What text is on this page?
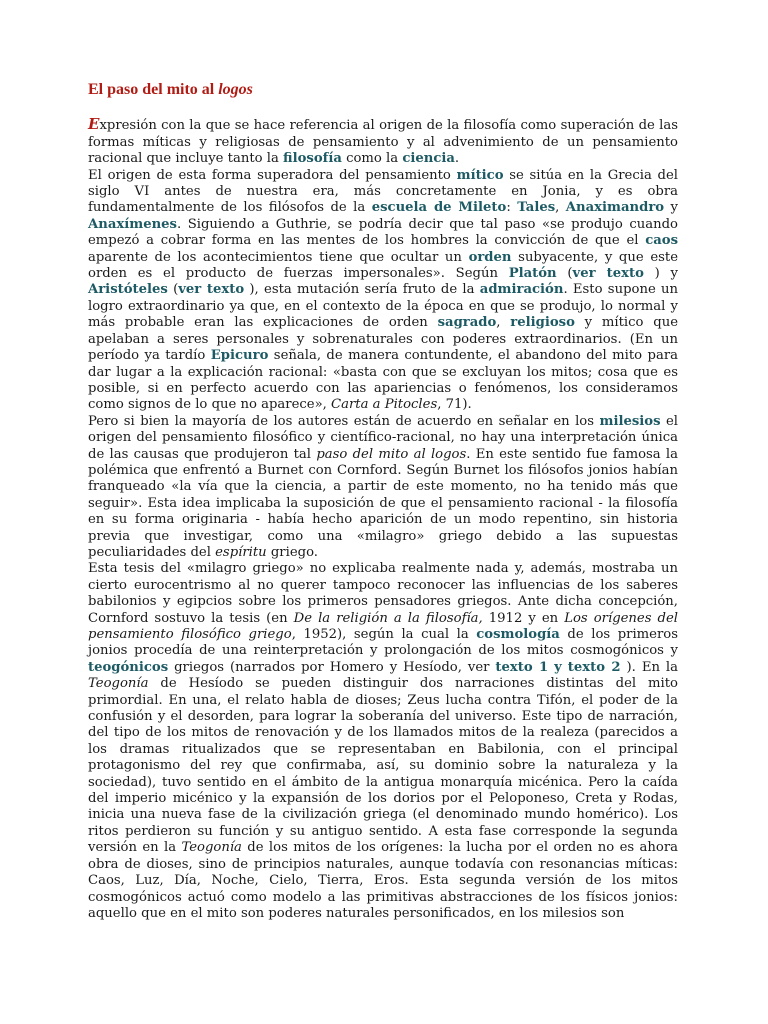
El paso del mito al logos

Expresión con la que se hace referencia al origen de la filosofía como superación de las formas míticas y religiosas de pensamiento y al advenimiento de un pensamiento racional que incluye tanto la filosofía como la ciencia.

El origen de esta forma superadora del pensamiento mítico se sitúa en la Grecia del siglo VI antes de nuestra era, más concretamente en Jonia, y es obra fundamentalmente de los filósofos de la escuela de Mileto: Tales, Anaximandro y Anaxímenes. Siguiendo a Guthrie, se podría decir que tal paso «se produjo cuando empezó a cobrar forma en las mentes de los hombres la convicción de que el caos aparente de los acontecimientos tiene que ocultar un orden subyacente, y que este orden es el producto de fuerzas impersonales». Según Platón (ver texto ) y Aristóteles (ver texto ), esta mutación sería fruto de la admiración. Esto supone un logro extraordinario ya que, en el contexto de la época en que se produjo, lo normal y más probable eran las explicaciones de orden sagrado, religioso y mítico que apelaban a seres personales y sobrenaturales con poderes extraordinarios. (En un período ya tardío Epicuro señala, de manera contundente, el abandono del mito para dar lugar a la explicación racional: «basta con que se excluyan los mitos; cosa que es posible, si en perfecto acuerdo con las apariencias o fenómenos, los consideramos como signos de lo que no aparece», Carta a Pitocles, 71).

Pero si bien la mayoría de los autores están de acuerdo en señalar en los milesios el origen del pensamiento filosófico y científico-racional, no hay una interpretación única de las causas que produjeron tal paso del mito al logos. En este sentido fue famosa la polémica que enfrentó a Burnet con Cornford. Según Burnet los filósofos jonios habían franqueado «la vía que la ciencia, a partir de este momento, no ha tenido más que seguir». Esta idea implicaba la suposición de que el pensamiento racional - la filosofía en su forma originaria - había hecho aparición de un modo repentino, sin historia previa que investigar, como una «milagro» griego debido a las supuestas peculiaridades del espíritu griego.

Esta tesis del «milagro griego» no explicaba realmente nada y, además, mostraba un cierto eurocentrismo al no querer tampoco reconocer las influencias de los saberes babilonios y egipcios sobre los primeros pensadores griegos. Ante dicha concepción, Cornford sostuvo la tesis (en De la religión a la filosofía, 1912 y en Los orígenes del pensamiento filosófico griego, 1952), según la cual la cosmología de los primeros jonios procedía de una reinterpretación y prolongación de los mitos cosmogónicos y teogónicos griegos (narrados por Homero y Hesíodo, ver texto 1 y texto 2 ). En la Teogonía de Hesíodo se pueden distinguir dos narraciones distintas del mito primordial. En una, el relato habla de dioses; Zeus lucha contra Tifón, el poder de la confusión y el desorden, para lograr la soberanía del universo. Este tipo de narración, del tipo de los mitos de renovación y de los llamados mitos de la realeza (parecidos a los dramas ritualizados que se representaban en Babilonia, con el principal protagonismo del rey que confirmaba, así, su dominio sobre la naturaleza y la sociedad), tuvo sentido en el ámbito de la antigua monarquía micénica. Pero la caída del imperio micénico y la expansión de los dorios por el Peloponeso, Creta y Rodas, inicia una nueva fase de la civilización griega (el denominado mundo homérico). Los ritos perdieron su función y su antiguo sentido. A esta fase corresponde la segunda versión en la Teogonía de los mitos de los orígenes: la lucha por el orden no es ahora obra de dioses, sino de principios naturales, aunque todavía con resonancias míticas: Caos, Luz, Día, Noche, Cielo, Tierra, Eros. Esta segunda versión de los mitos cosmogónicos actuó como modelo a las primitivas abstracciones de los físicos jonios: aquello que en el mito son poderes naturales personificados, en los milesios son
